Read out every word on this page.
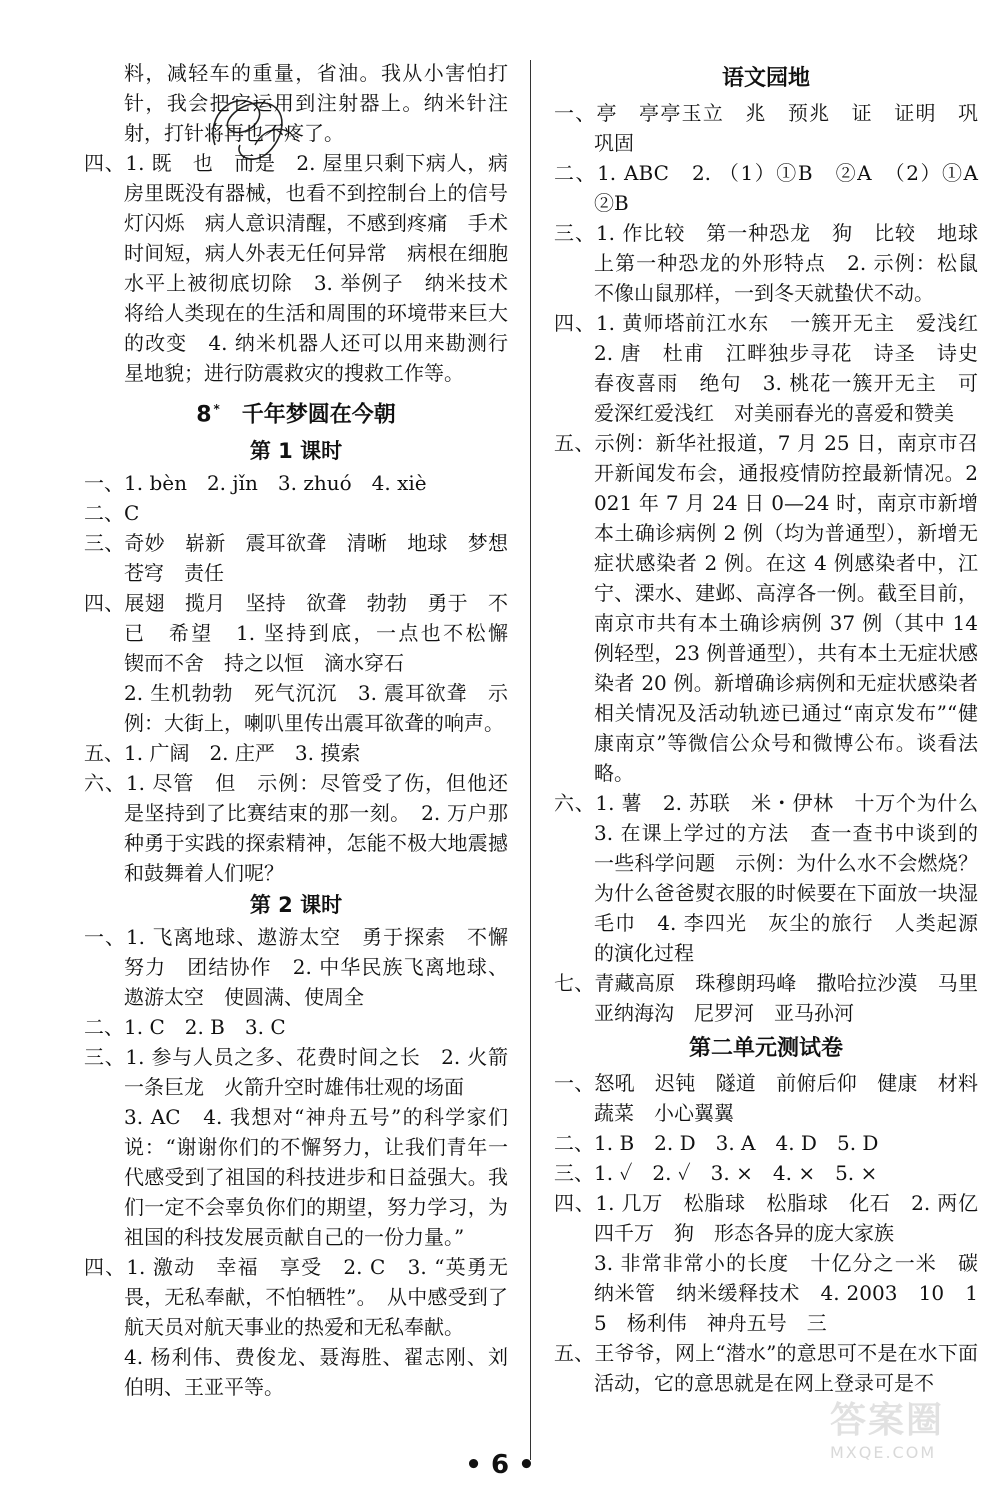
料，减轻车的重量，省油。我从小害怕打针，我会把它运用到注射器上。纳米针注射，打针将再也不疼了。

四、1. 既　也　而是　2. 屋里只剩下病人，病房里既没有器械，也看不到控制台上的信号灯闪烁　病人意识清醒，不感到疼痛　手术时间短，病人外表无任何异常　病根在细胞水平上被彻底切除　3. 举例子　纳米技术将给人类现在的生活和周围的环境带来巨大的改变　4. 纳米机器人还可以用来勘测行星地貌；进行防震救灾的搜救工作等。

8 *　 千年梦圆在今朝

第 1 课时

一、1. bèn　2. jǐn　3. zhuó　4. xiè

二、C

三、奇妙　崭新　震耳欲聋　清晰　地球　梦想　苍穹　责任

四、展翅　揽月　坚持　欲聋　勃勃　勇于　不已　希望　1. 坚持到底，一点也不松懈　锲而不舍　持之以恒　滴水穿石

2. 生机勃勃　死气沉沉　3. 震耳欲聋　示例：大街上，喇叭里传出震耳欲聋的响声。

五、1. 广阔　2. 庄严　3. 摸索

六、1. 尽管　但　示例：尽管受了伤，但他还是坚持到了比赛结束的那一刻。　2. 万户那种勇于实践的探索精神，怎能不极大地震撼和鼓舞着人们呢？

第 2 课时

一、1. 飞离地球、遨游太空　勇于探索　不懈努力　团结协作　2. 中华民族飞离地球、遨游太空　使圆满、使周全

二、1. C　2. B　3. C

三、1. 参与人员之多、花费时间之长　2. 火箭一条巨龙　火箭升空时雄伟壮观的场面

3. AC　4. 我想对“神舟五号”的科学家们说：“谢谢你们的不懈努力，让我们青年一代感受到了祖国的科技进步和日益强大。我们一定不会辜负你们的期望，努力学习，为祖国的科技发展贡献自己的一份力量。”

四、1. 激动　幸福　享受　2. C　3. “英勇无畏，无私奉献，不怕牺牲”。　从中感受到了航天员对航天事业的热爱和无私奉献。

4. 杨利伟、费俊龙、聂海胜、翟志刚、刘伯明、王亚平等。

语文园地

一、亭　亭亭玉立　兆　预兆　证　证明　巩　巩固

二、1. ABC　2. （1）①B　②A　（2）①A　②B

三、1. 作比较　第一种恐龙　狗　比较　地球上第一种恐龙的外形特点　2. 示例：松鼠不像山鼠那样，一到冬天就蛰伏不动。

四、1. 黄师塔前江水东　一簇开无主　爱浅红　2. 唐　杜甫　江畔独步寻花　诗圣　诗史　春夜喜雨　绝句　3. 桃花一簇开无主　可爱深红爱浅红　对美丽春光的喜爱和赞美

五、示例：新华社报道，7 月 25 日，南京市召开新闻发布会，通报疫情防控最新情况。2021 年 7 月 24 日 0—24 时，南京市新增本土确诊病例 2 例（均为普通型），新增无症状感染者 2 例。在这 4 例感染者中，江宁、溧水、建邺、高淳各一例。截至目前，南京市共有本土确诊病例 37 例（其中 14 例轻型，23 例普通型），共有本土无症状感染者 20 例。新增确诊病例和无症状感染者相关情况及活动轨迹已通过“南京发布”“健康南京”等微信公众号和微博公布。谈看法略。

六、1. 薯　2. 苏联　米・伊林　十万个为什么　3. 在课上学过的方法　查一查书中谈到的一些科学问题　示例：为什么水不会燃烧？为什么爸爸熨衣服的时候要在下面放一块湿毛巾　4. 李四光　灰尘的旅行　人类起源的演化过程

七、青藏高原　珠穆朗玛峰　撒哈拉沙漠　马里亚纳海沟　尼罗河　亚马孙河

第二单元测试卷

一、怒吼　迟钝　隧道　前俯后仰　健康　材料　蔬菜　小心翼翼

二、1. B　2. D　3. A　4. D　5. D

三、1. ✓　2. ✓　3. ×　4. ×　5. ×

四、1. 几万　松脂球　松脂球　化石　2. 两亿四千万　狗　形态各异的庞大家族

3. 非常非常小的长度　十亿分之一米　碳纳米管　纳米缓释技术　4. 2003　10　15　杨利伟　神舟五号　三

五、王爷爷，网上“潜水”的意思可不是在水下面活动，它的意思就是在网上登录可是不

• 6 •
答案圈
MXQE.COM
